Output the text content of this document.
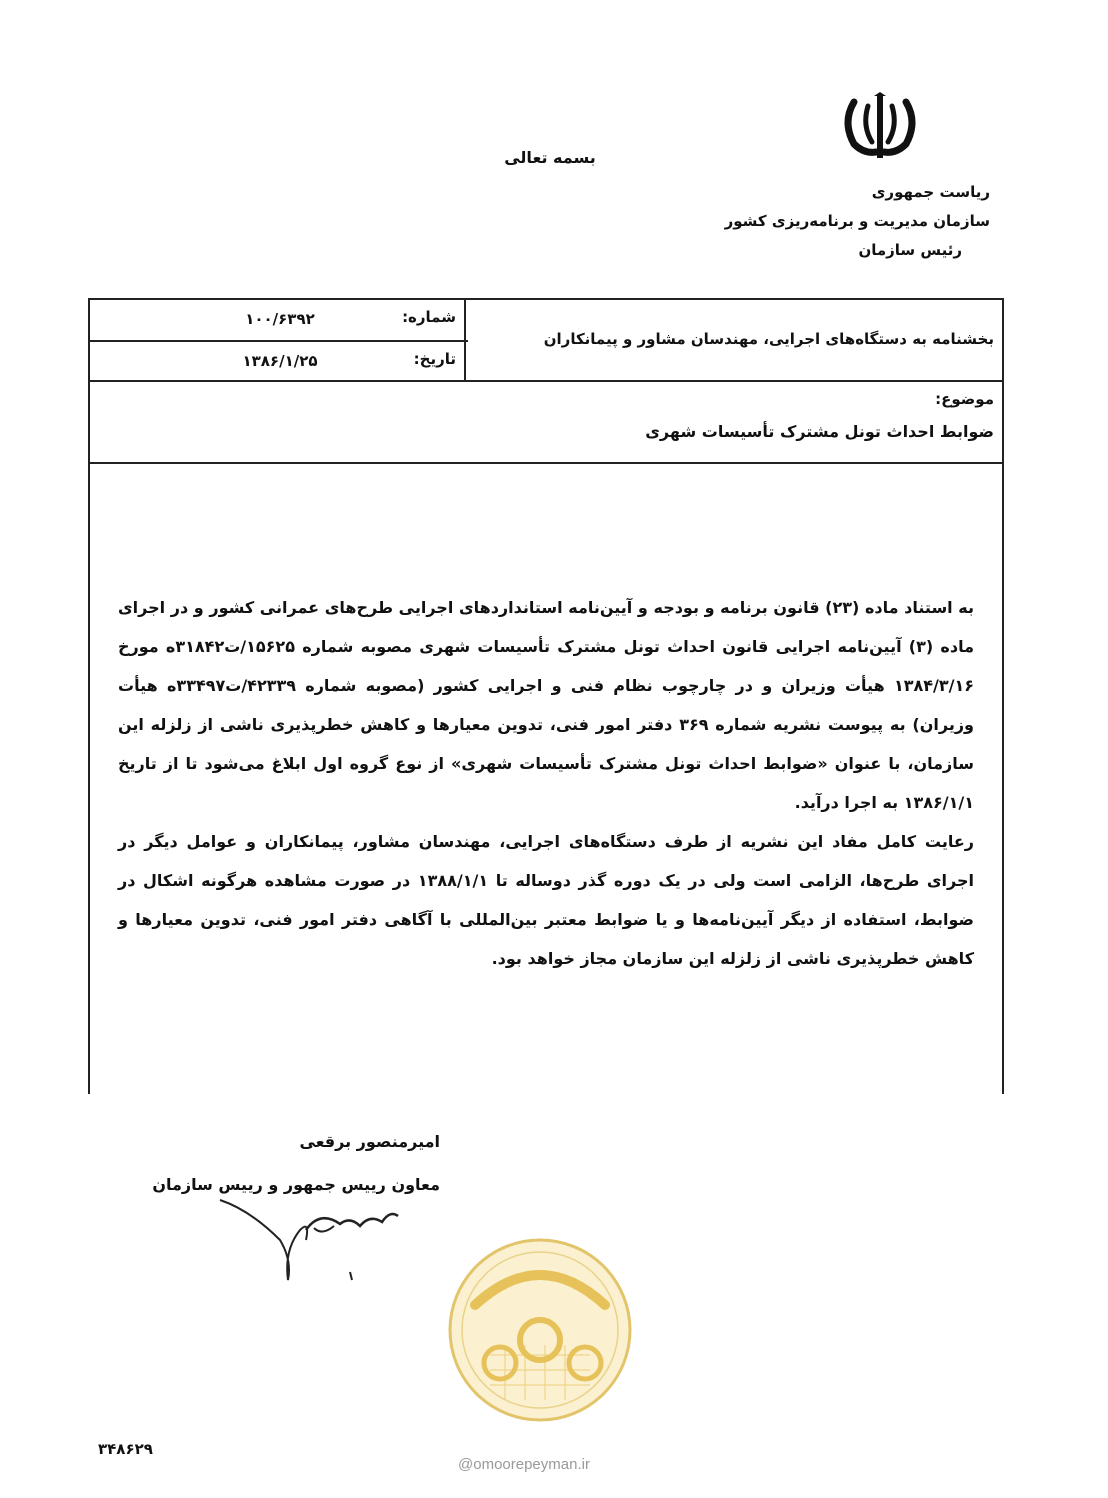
بسمه تعالی
ریاست جمهوری
سازمان مدیریت و برنامه‌ریزی کشور
رئیس سازمان
بخشنامه به دستگاه‌های اجرایی، مهندسان مشاور و پیمانکاران
شماره:
۱۰۰/۶۳۹۲
تاریخ:
۱۳۸۶/۱/۲۵
موضوع:
ضوابط احداث تونل مشترک تأسیسات شهری

به استناد ماده (۲۳) قانون برنامه و بودجه و آیین‌نامه استانداردهای اجرایی طرح‌های عمرانی کشور و در اجرای ماده (۳) آیین‌نامه اجرایی قانون احداث تونل مشترک تأسیسات شهری مصوبه شماره ۱۵۶۲۵/ت۳۱۸۴۲ه مورخ ۱۳۸۴/۳/۱۶ هیأت وزیران و در چارچوب نظام فنی و اجرایی کشور (مصوبه شماره ۴۲۳۳۹/ت۳۳۴۹۷ه هیأت وزیران) به پیوست نشریه شماره ۳۶۹ دفتر امور فنی، تدوین معیارها و کاهش خطرپذیری ناشی از زلزله این سازمان، با عنوان «ضوابط احداث تونل مشترک تأسیسات شهری» از نوع گروه اول ابلاغ می‌شود تا از تاریخ ۱۳۸۶/۱/۱ به اجرا درآید.

رعایت کامل مفاد این نشریه از طرف دستگاه‌های اجرایی، مهندسان مشاور، پیمانکاران و عوامل دیگر در اجرای طرح‌ها، الزامی است ولی در یک دوره گذر دوساله تا ۱۳۸۸/۱/۱ در صورت مشاهده هرگونه اشکال در ضوابط، استفاده از دیگر آیین‌نامه‌ها و یا ضوابط معتبر بین‌المللی با آگاهی دفتر امور فنی، تدوین معیارها و کاهش خطرپذیری ناشی از زلزله این سازمان مجاز خواهد بود.

امیرمنصور برقعی
معاون رییس جمهور و رییس سازمان
۳۴۸۶۲۹
@omoorepeyman.ir
